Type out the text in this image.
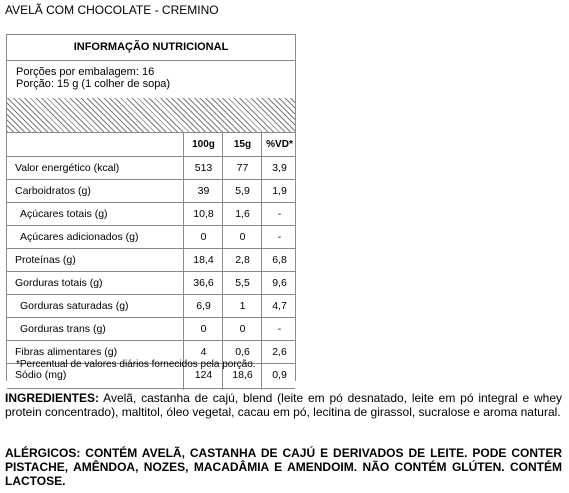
AVELÃ COM CHOCOLATE - CREMINO
INFORMAÇÃO NUTRICIONAL
Porções por embalagem: 16
Porção: 15 g (1 colher de sopa)
100g	15g	%VD*
Valor energético (kcal)	513	77	3,9
Carboidratos (g)	39	5,9	1,9
Açúcares totais (g)	10,8	1,6	-
Açúcares adicionados (g)	0	0	-
Proteínas (g)	18,4	2,8	6,8
Gorduras totais (g)	36,6	5,5	9,6
Gorduras saturadas (g)	6,9	1	4,7
Gorduras trans (g)	0	0	-
Fibras alimentares (g)	4	0,6	2,6
Sódio (mg)	124	18,6	0,9
*Percentual de valores diários fornecidos pela porção.
INGREDIENTES: Avelã, castanha de cajú, blend (leite em pó desnatado, leite em pó integral e whey protein concentrado), maltitol, óleo vegetal, cacau em pó, lecitina de girassol, sucralose e aroma natural.
ALÉRGICOS: CONTÉM AVELÃ, CASTANHA DE CAJÚ E DERIVADOS DE LEITE. PODE CONTER PISTACHE, AMÊNDOA, NOZES, MACADÂMIA E AMENDOIM. NÃO CONTÉM GLÚTEN. CONTÉM LACTOSE.
